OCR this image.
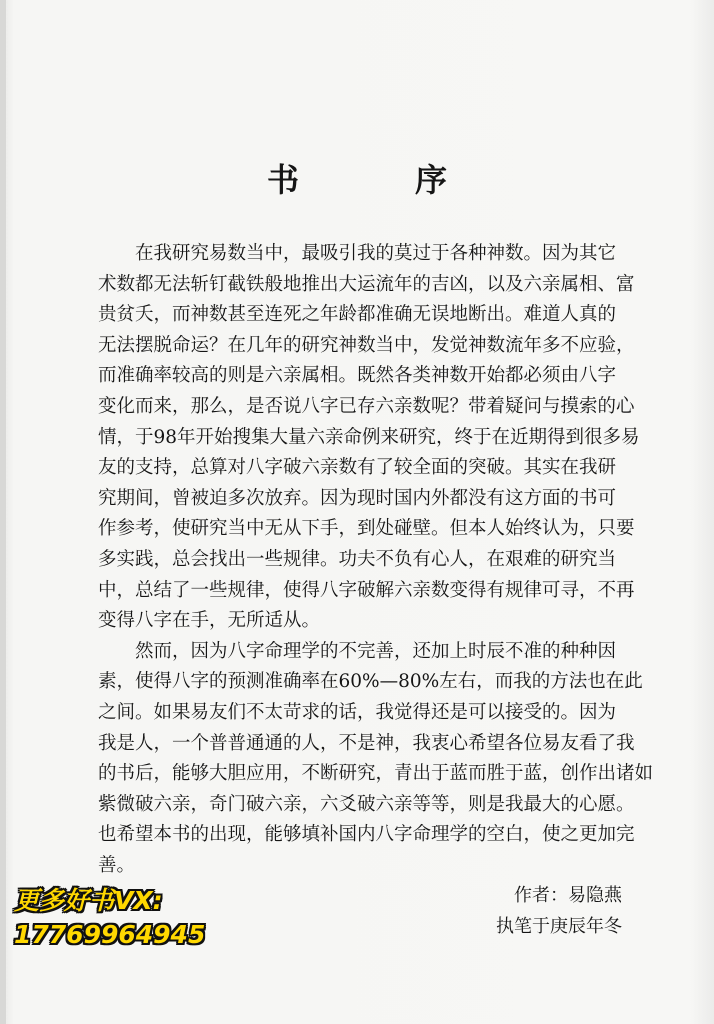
书　序
　　在我研究易数当中，最吸引我的莫过于各种神数。因为其它
术数都无法斩钉截铁般地推出大运流年的吉凶，以及六亲属相、富
贵贫夭，而神数甚至连死之年龄都准确无误地断出。难道人真的
无法摆脱命运？在几年的研究神数当中，发觉神数流年多不应验，
而准确率较高的则是六亲属相。既然各类神数开始都必须由八字
变化而来，那么，是否说八字已存六亲数呢？带着疑问与摸索的心
情，于98年开始搜集大量六亲命例来研究，终于在近期得到很多易
友的支持，总算对八字破六亲数有了较全面的突破。其实在我研
究期间，曾被迫多次放弃。因为现时国内外都没有这方面的书可
作参考，使研究当中无从下手，到处碰壁。但本人始终认为，只要
多实践，总会找出一些规律。功夫不负有心人，在艰难的研究当
中，总结了一些规律，使得八字破解六亲数变得有规律可寻，不再
变得八字在手，无所适从。
　　然而，因为八字命理学的不完善，还加上时辰不准的种种因
素，使得八字的预测准确率在60%—80%左右，而我的方法也在此
之间。如果易友们不太苛求的话，我觉得还是可以接受的。因为
我是人，一个普普通通的人，不是神，我衷心希望各位易友看了我
的书后，能够大胆应用，不断研究，青出于蓝而胜于蓝，创作出诸如
紫微破六亲，奇门破六亲，六爻破六亲等等，则是我最大的心愿。
也希望本书的出现，能够填补国内八字命理学的空白，使之更加完
善。
作者：易隐燕
执笔于庚辰年冬
更多好书VX:
17769964945
